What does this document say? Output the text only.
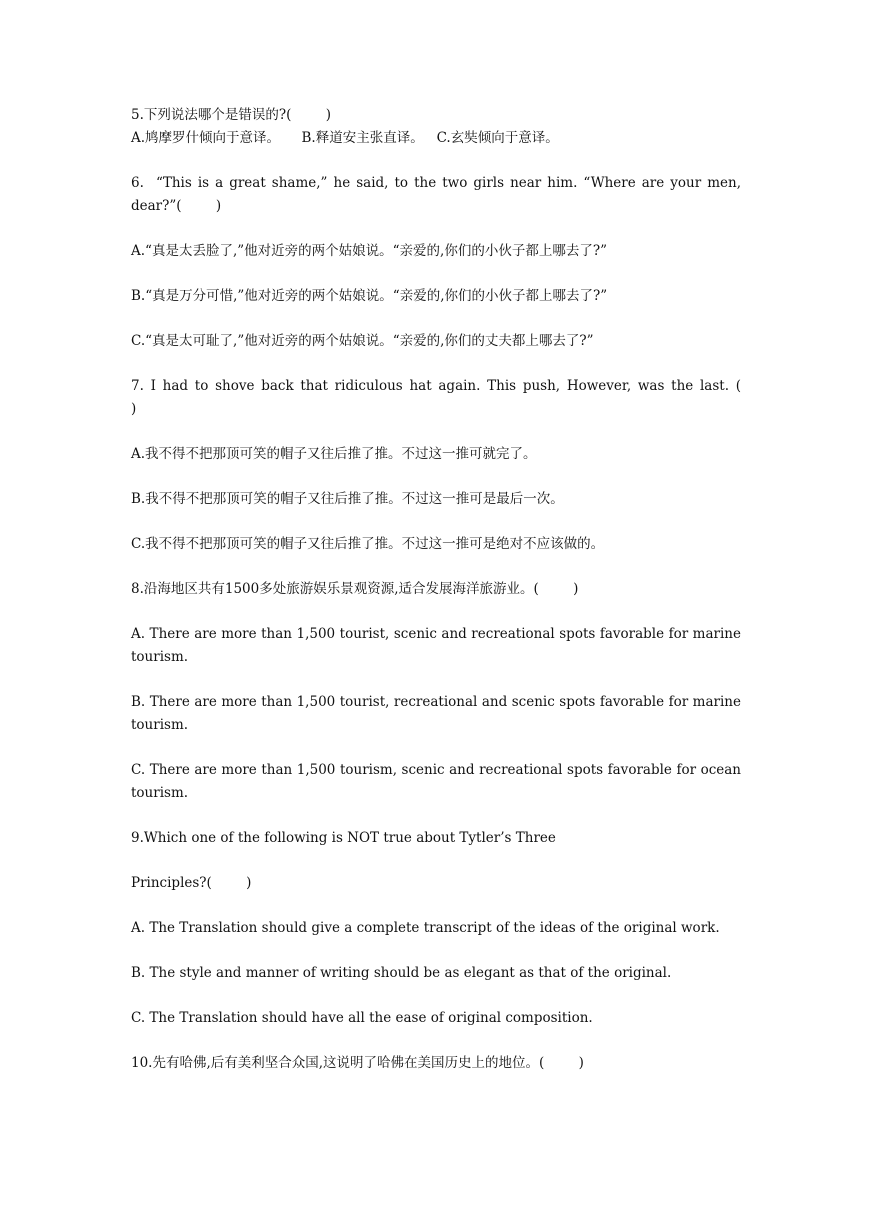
5.下列说法哪个是错误的?(        )

A.鸠摩罗什倾向于意译。     B.释道安主张直译。   C.玄奘倾向于意译。

6.  “This is a great shame,” he said, to the two girls near him. “Where are your men, dear?”(        )

A.“真是太丢脸了,”他对近旁的两个姑娘说。“亲爱的,你们的小伙子都上哪去了?”

B.“真是万分可惜,”他对近旁的两个姑娘说。“亲爱的,你们的小伙子都上哪去了?”

C.“真是太可耻了,”他对近旁的两个姑娘说。“亲爱的,你们的丈夫都上哪去了?”

7. I had to shove back that ridiculous hat again. This push, However, was the last. (        )

A.我不得不把那顶可笑的帽子又往后推了推。不过这一推可就完了。

B.我不得不把那顶可笑的帽子又往后推了推。不过这一推可是最后一次。

C.我不得不把那顶可笑的帽子又往后推了推。不过这一推可是绝对不应该做的。

8.沿海地区共有1500多处旅游娱乐景观资源,适合发展海洋旅游业。(        )

A. There are more than 1,500 tourist, scenic and recreational spots favorable for marine tourism.

B. There are more than 1,500 tourist, recreational and scenic spots favorable for marine tourism.

C. There are more than 1,500 tourism, scenic and recreational spots favorable for ocean tourism.

9.Which one of the following is NOT true about Tytler’s Three

Principles?(        )

A. The Translation should give a complete transcript of the ideas of the original work.

B. The style and manner of writing should be as elegant as that of the original.

C. The Translation should have all the ease of original composition.

10.先有哈佛,后有美利坚合众国,这说明了哈佛在美国历史上的地位。(        )
